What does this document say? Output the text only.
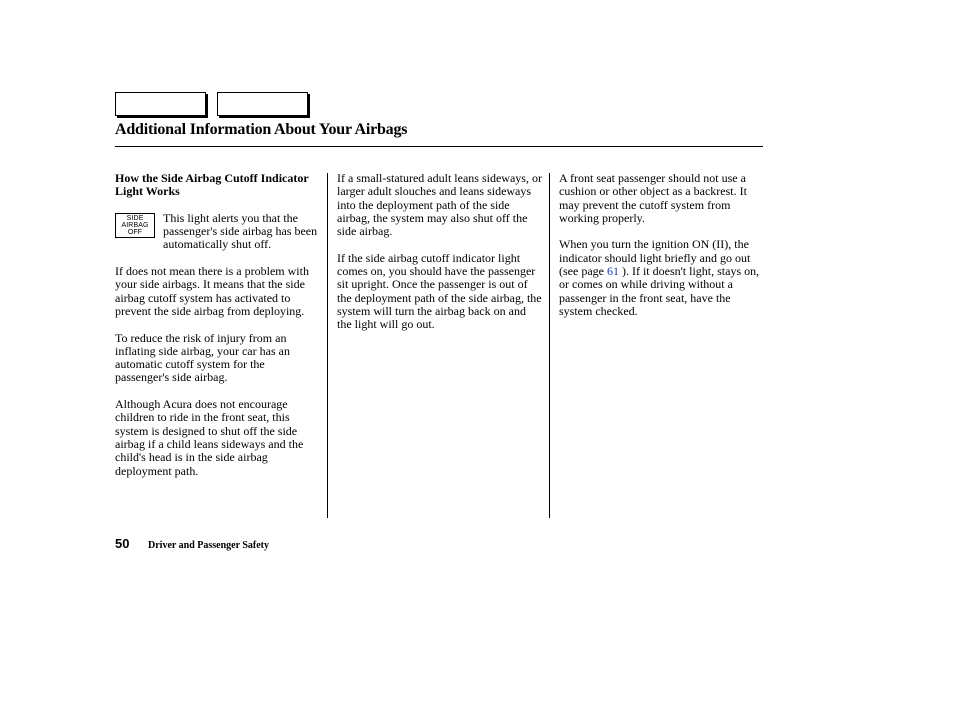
Additional Information About Your Airbags

How the Side Airbag Cutoff Indicator Light Works

SIDE
AIRBAG
OFF

This light alerts you that the passenger's side airbag has been automatically shut off.

If does not mean there is a problem with your side airbags. It means that the side airbag cutoff system has activated to prevent the side airbag from deploying.

To reduce the risk of injury from an inflating side airbag, your car has an automatic cutoff system for the passenger's side airbag.

Although Acura does not encourage children to ride in the front seat, this system is designed to shut off the side airbag if a child leans sideways and the child's head is in the side airbag deployment path.

If a small-statured adult leans sideways, or larger adult slouches and leans sideways into the deployment path of the side airbag, the system may also shut off the side airbag.

If the side airbag cutoff indicator light comes on, you should have the passenger sit upright. Once the passenger is out of the deployment path of the side airbag, the system will turn the airbag back on and the light will go out.

A front seat passenger should not use a cushion or other object as a backrest. It may prevent the cutoff system from working properly.

When you turn the ignition ON (II), the indicator should light briefly and go out (see page 61 ). If it doesn't light, stays on, or comes on while driving without a passenger in the front seat, have the system checked.

50 Driver and Passenger Safety
